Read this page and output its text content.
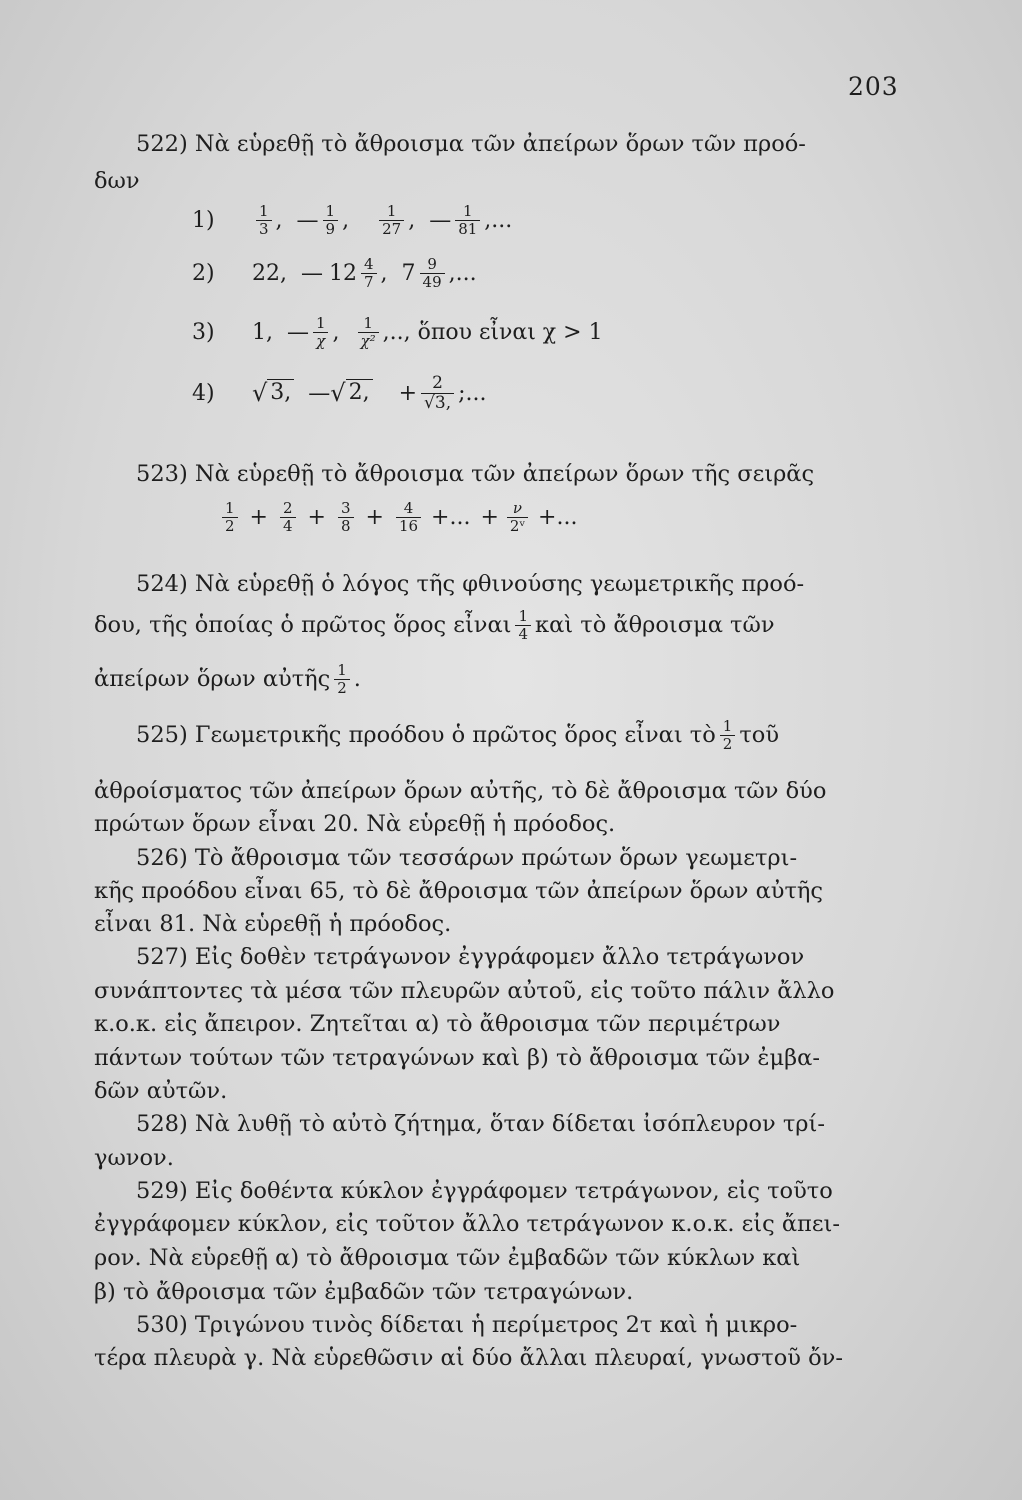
203
522) Νὰ εὑρεθῇ τὸ ἄθροισμα τῶν ἀπείρων ὅρων τῶν προό-
δων
1)	$\frac{1}{3}$ , — $\frac{1}{9}$ , $\frac{1}{27}$ , — $\frac{1}{81}$ ,...
2)	22, — $12 \frac{4}{7}$ , $7 \frac{9}{49}$ ,...
3)	1, — $\frac{1}{\chi}$ , $\frac{1}{\text{χ²}}$ ,.., ὅπου εἶναι χ > 1
4)	√ 3, — √ 2, + $\frac{2}{√3,}$ ;...
523) Νὰ εὑρεθῇ τὸ ἄθροισμα τῶν ἀπείρων ὅρων τῆς σειρᾶς
$\frac{1}{2} + \frac{2}{4} + \frac{3}{8} + \frac{4}{16}$ +... + $\frac{\nu}{\text{2ᵛ}}$ +...
524) Νὰ εὑρεθῇ ὁ λόγος τῆς φθινούσης γεωμετρικῆς προό-
δου, τῆς ὁποίας ὁ πρῶτος ὅρος εἶναι $\frac{1}{4}$ καὶ τὸ ἄθροισμα τῶν
ἀπείρων ὅρων αὐτῆς $\frac{1}{2}$ .
525) Γεωμετρικῆς προόδου ὁ πρῶτος ὅρος εἶναι τὸ $\frac{1}{2}$ τοῦ
ἀθροίσματος τῶν ἀπείρων ὅρων αὐτῆς, τὸ δὲ ἄθροισμα τῶν δύο
πρώτων ὅρων εἶναι 20. Νὰ εὑρεθῇ ἡ πρόοδος.
526) Τὸ ἄθροισμα τῶν τεσσάρων πρώτων ὅρων γεωμετρι-
κῆς προόδου εἶναι 65, τὸ δὲ ἄθροισμα τῶν ἀπείρων ὅρων αὐτῆς
εἶναι 81. Νὰ εὑρεθῇ ἡ πρόοδος.
527) Εἰς δοθὲν τετράγωνον ἐγγράφομεν ἄλλο τετράγωνον
συνάπτοντες τὰ μέσα τῶν πλευρῶν αὐτοῦ, εἰς τοῦτο πάλιν ἄλλο
κ.ο.κ. εἰς ἄπειρον. Ζητεῖται α) τὸ ἄθροισμα τῶν περιμέτρων
πάντων τούτων τῶν τετραγώνων καὶ β) τὸ ἄθροισμα τῶν ἐμβα-
δῶν αὐτῶν.
528) Νὰ λυθῇ τὸ αὐτὸ ζήτημα, ὅταν δίδεται ἰσόπλευρον τρί-
γωνον.
529) Εἰς δοθέντα κύκλον ἐγγράφομεν τετράγωνον, εἰς τοῦτο
ἐγγράφομεν κύκλον, εἰς τοῦτον ἄλλο τετράγωνον κ.ο.κ. εἰς ἄπει-
ρον. Νὰ εὑρεθῇ α) τὸ ἄθροισμα τῶν ἐμβαδῶν τῶν κύκλων καὶ
β) τὸ ἄθροισμα τῶν ἐμβαδῶν τῶν τετραγώνων.
530) Τριγώνου τινὸς δίδεται ἡ περίμετρος 2τ καὶ ἡ μικρο-
τέρα πλευρὰ γ. Νὰ εὑρεθῶσιν αἱ δύο ἄλλαι πλευραί, γνωστοῦ ὄν-
